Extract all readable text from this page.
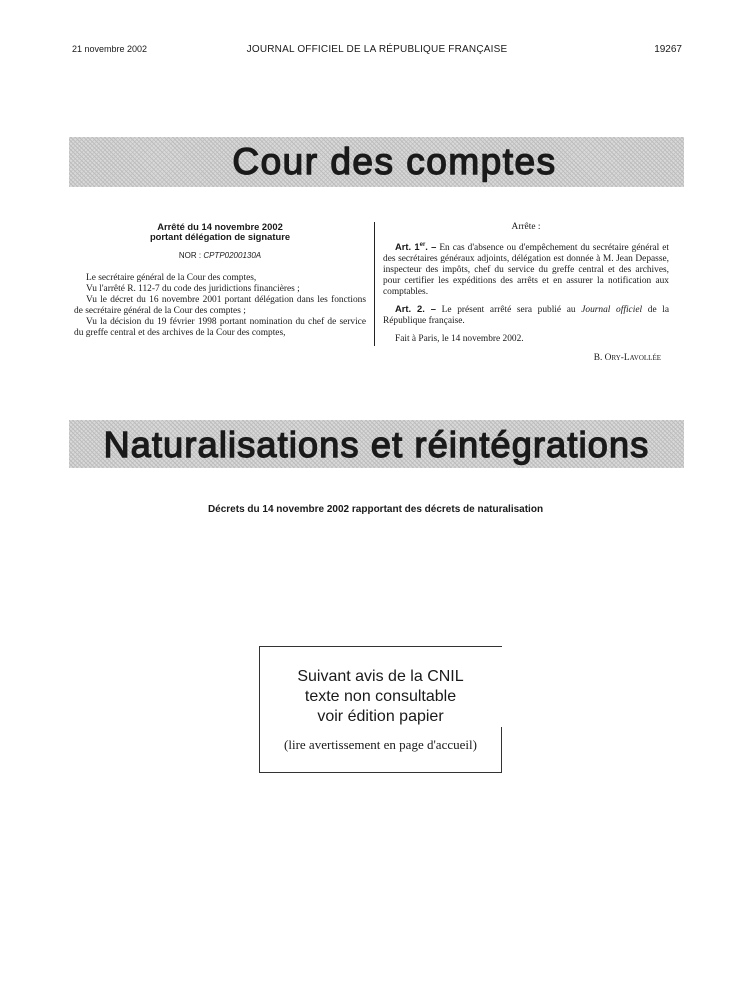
21 novembre 2002	JOURNAL OFFICIEL DE LA RÉPUBLIQUE FRANÇAISE	19267
Cour des comptes
Arrêté du 14 novembre 2002
portant délégation de signature
NOR : CPTP0200130A

Le secrétaire général de la Cour des comptes,

Vu l'arrêté R. 112-7 du code des juridictions financières ;

Vu le décret du 16 novembre 2001 portant délégation dans les fonctions de secrétaire général de la Cour des comptes ;

Vu la décision du 19 février 1998 portant nomination du chef de service du greffe central et des archives de la Cour des comptes,

Arrête :

Art. 1er. – En cas d'absence ou d'empêchement du secrétaire général et des secrétaires généraux adjoints, délégation est donnée à M. Jean Depasse, inspecteur des impôts, chef du service du greffe central et des archives, pour certifier les expéditions des arrêts et en assurer la notification aux comptables.

Art. 2. – Le présent arrêté sera publié au Journal officiel de la République française.

Fait à Paris, le 14 novembre 2002.
B. Ory-Lavollée
Naturalisations et réintégrations
Décrets du 14 novembre 2002 rapportant des décrets de naturalisation
Suivant avis de la CNIL
texte non consultable
voir édition papier
(lire avertissement en page d'accueil)
